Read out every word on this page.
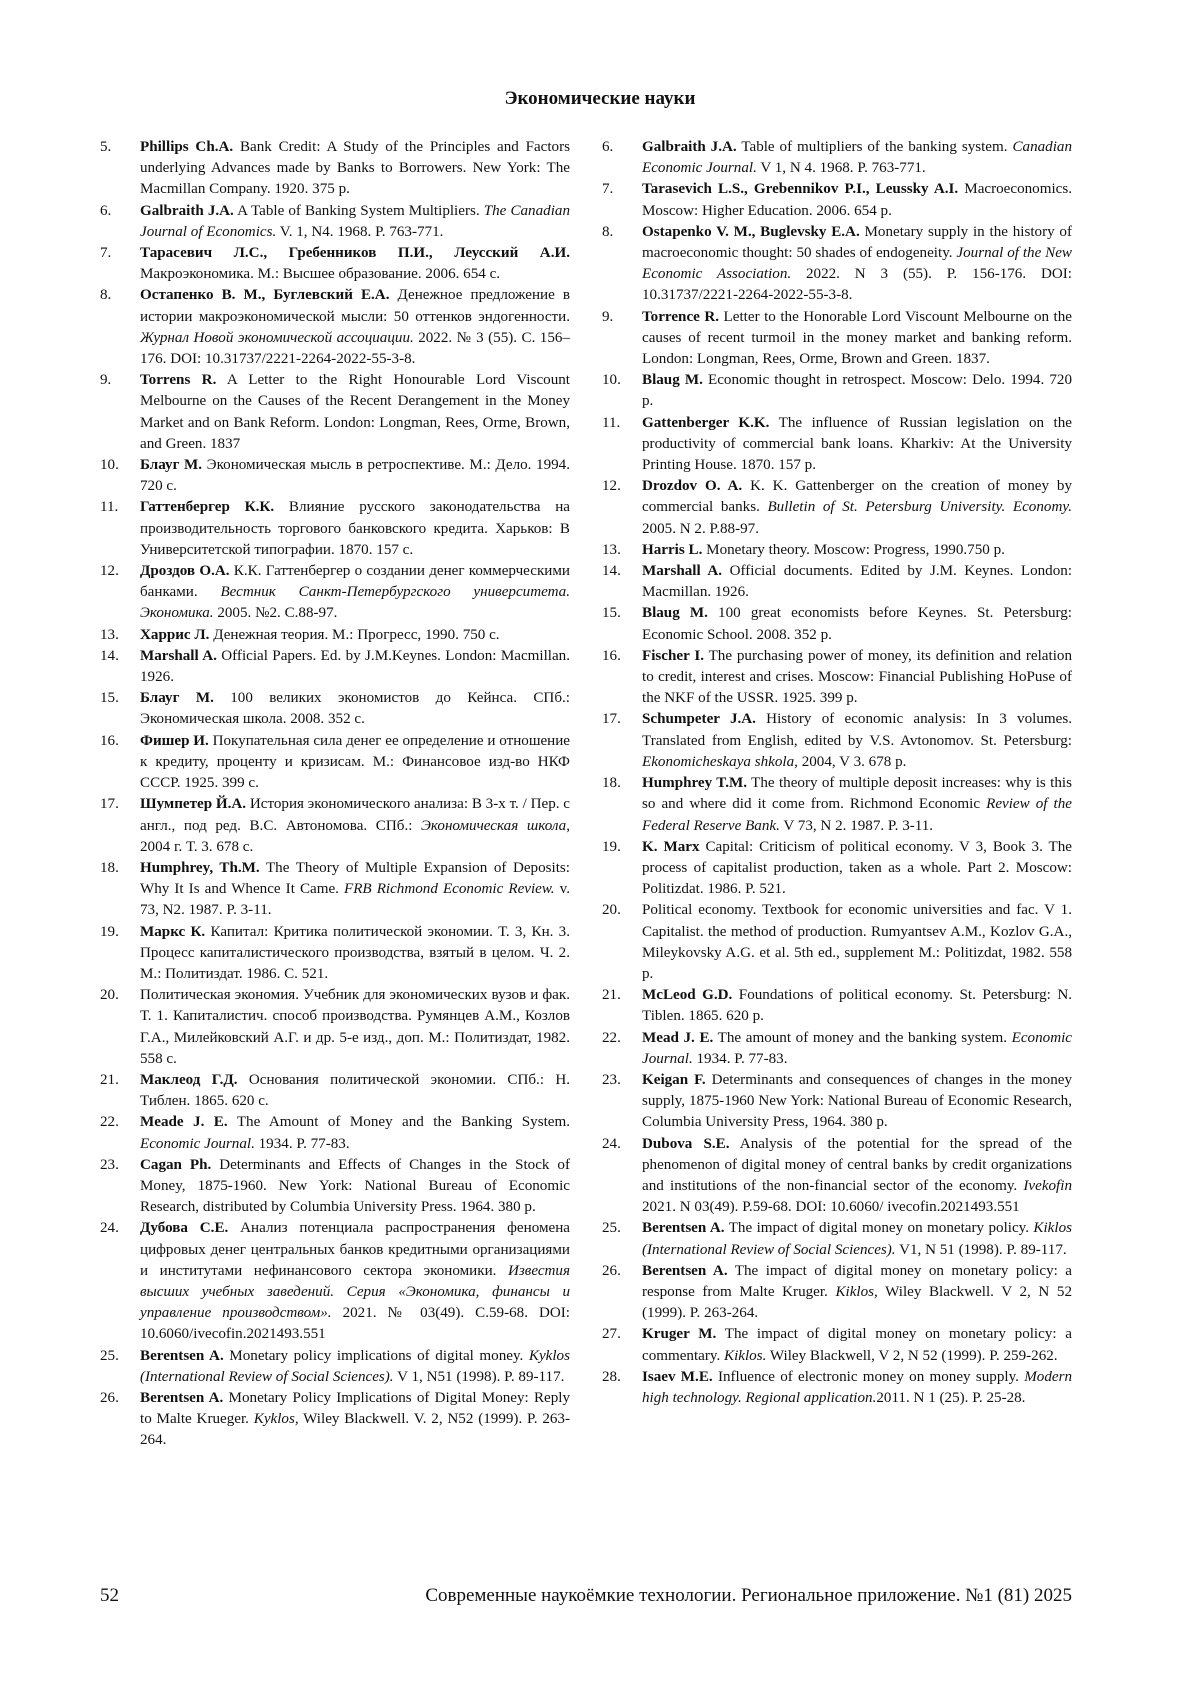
Экономические науки
5. Phillips Ch.A. Bank Credit: A Study of the Principles and Factors underlying Advances made by Banks to Borrowers. New York: The Macmillan Company. 1920. 375 p.
6. Galbraith J.A. A Table of Banking System Multipliers. The Canadian Journal of Economics. V. 1, N4. 1968. P. 763-771.
7. Тарасевич Л.С., Гребенников П.И., Леусский А.И. Макроэкономика. М.: Высшее образование. 2006. 654 с.
8. Остапенко В. М., Буглевский Е.А. Денежное предложение в истории макроэкономической мысли: 50 оттенков эндогенности. Журнал Новой экономической ассоциации. 2022. № 3 (55). С. 156–176. DOI: 10.31737/2221-2264-2022-55-3-8.
9. Torrens R. A Letter to the Right Honourable Lord Viscount Melbourne on the Causes of the Recent Derangement in the Money Market and on Bank Reform. London: Longman, Rees, Orme, Brown, and Green. 1837
10. Блауг М. Экономическая мысль в ретроспективе. М.: Дело. 1994. 720 с.
11. Гаттенбергер К.К. Влияние русского законодательства на производительность торгового банковского кредита. Харьков: В Университетской типографии. 1870. 157 с.
12. Дроздов О.А. К.К. Гаттенбергер о создании денег коммерческими банками. Вестник Санкт-Петербургского университета. Экономика. 2005. №2. С.88-97.
13. Харрис Л. Денежная теория. М.: Прогресс, 1990. 750 с.
14. Marshall A. Official Papers. Ed. by J.M.Keynes. London: Macmillan. 1926.
15. Блауг М. 100 великих экономистов до Кейнса. СПб.: Экономическая школа. 2008. 352 с.
16. Фишер И. Покупательная сила денег ее определение и отношение к кредиту, проценту и кризисам. М.: Финансовое изд-во НКФ СССР. 1925. 399 с.
17. Шумпетер Й.А. История экономического анализа: В 3-х т. / Пер. с англ., под ред. В.С. Автономова. СПб.: Экономическая школа, 2004 г. Т. 3. 678 с.
18. Humphrey, Th.M. The Theory of Multiple Expansion of Deposits: Why It Is and Whence It Came. FRB Richmond Economic Review. v. 73, N2. 1987. P. 3-11.
19. Маркс К. Капитал: Критика политической экономии. Т. 3, Кн. 3. Процесс капиталистического производства, взятый в целом. Ч. 2. М.: Политиздат. 1986. С. 521.
20. Политическая экономия. Учебник для экономических вузов и фак. Т. 1. Капиталистич. способ производства. Румянцев А.М., Козлов Г.А., Милейковский А.Г. и др. 5-е изд., доп. М.: Политиздат, 1982. 558 с.
21. Маклеод Г.Д. Основания политической экономии. СПб.: Н. Тиблен. 1865. 620 с.
22. Meade J. E. The Amount of Money and the Banking System. Economic Journal. 1934. P. 77-83.
23. Cagan Ph. Determinants and Effects of Changes in the Stock of Money, 1875-1960. New York: National Bureau of Economic Research, distributed by Columbia University Press. 1964. 380 p.
24. Дубова С.Е. Анализ потенциала распространения феномена цифровых денег центральных банков кредитными организациями и институтами нефинансового сектора экономики. Известия высших учебных заведений. Серия «Экономика, финансы и управление производством». 2021. № 03(49). С.59-68. DOI: 10.6060/ivecofin.2021493.551
25. Berentsen A. Monetary policy implications of digital money. Kyklos (International Review of Social Sciences). V 1, N51 (1998). P. 89-117.
26. Berentsen A. Monetary Policy Implications of Digital Money: Reply to Malte Krueger. Kyklos, Wiley Blackwell. V. 2, N52 (1999). P. 263-264.
6. Galbraith J.A. Table of multipliers of the banking system. Canadian Economic Journal. V 1, N 4. 1968. P. 763-771.
7. Tarasevich L.S., Grebennikov P.I., Leussky A.I. Macroeconomics. Moscow: Higher Education. 2006. 654 p.
8. Ostapenko V. M., Buglevsky E.A. Monetary supply in the history of macroeconomic thought: 50 shades of endogeneity. Journal of the New Economic Association. 2022. N 3 (55). P. 156-176. DOI: 10.31737/2221-2264-2022-55-3-8.
9. Torrence R. Letter to the Honorable Lord Viscount Melbourne on the causes of recent turmoil in the money market and banking reform. London: Longman, Rees, Orme, Brown and Green. 1837.
10. Blaug M. Economic thought in retrospect. Moscow: Delo. 1994. 720 p.
11. Gattenberger K.K. The influence of Russian legislation on the productivity of commercial bank loans. Kharkiv: At the University Printing House. 1870. 157 p.
12. Drozdov O. A. K. K. Gattenberger on the creation of money by commercial banks. Bulletin of St. Petersburg University. Economy. 2005. N 2. P.88-97.
13. Harris L. Monetary theory. Moscow: Progress, 1990.750 p.
14. Marshall A. Official documents. Edited by J.M. Keynes. London: Macmillan. 1926.
15. Blaug M. 100 great economists before Keynes. St. Petersburg: Economic School. 2008. 352 p.
16. Fischer I. The purchasing power of money, its definition and relation to credit, interest and crises. Moscow: Financial Publishing HoPuse of the NKF of the USSR. 1925. 399 p.
17. Schumpeter J.A. History of economic analysis: In 3 volumes. Translated from English, edited by V.S. Avtonomov. St. Petersburg: Ekonomicheskaya shkola, 2004, V 3. 678 p.
18. Humphrey T.M. The theory of multiple deposit increases: why is this so and where did it come from. Richmond Economic Review of the Federal Reserve Bank. V 73, N 2. 1987. P. 3-11.
19. K. Marx Capital: Criticism of political economy. V 3, Book 3. The process of capitalist production, taken as a whole. Part 2. Moscow: Politizdat. 1986. P. 521.
20. Political economy. Textbook for economic universities and fac. V 1. Capitalist. the method of production. Rumyantsev A.M., Kozlov G.A., Mileykovsky A.G. et al. 5th ed., supplement M.: Politizdat, 1982. 558 p.
21. McLeod G.D. Foundations of political economy. St. Petersburg: N. Tiblen. 1865. 620 p.
22. Mead J. E. The amount of money and the banking system. Economic Journal. 1934. P. 77-83.
23. Keigan F. Determinants and consequences of changes in the money supply, 1875-1960 New York: National Bureau of Economic Research, Columbia University Press, 1964. 380 p.
24. Dubova S.E. Analysis of the potential for the spread of the phenomenon of digital money of central banks by credit organizations and institutions of the non-financial sector of the economy. Ivekofin 2021. N 03(49). P.59-68. DOI: 10.6060/ ivecofin.2021493.551
25. Berentsen A. The impact of digital money on monetary policy. Kiklos (International Review of Social Sciences). V1, N 51 (1998). P. 89-117.
26. Berentsen A. The impact of digital money on monetary policy: a response from Malte Kruger. Kiklos, Wiley Blackwell. V 2, N 52 (1999). P. 263-264.
27. Kruger M. The impact of digital money on monetary policy: a commentary. Kiklos. Wiley Blackwell, V 2, N 52 (1999). P. 259-262.
28. Isaev M.E. Influence of electronic money on money supply. Modern high technology. Regional application.2011. N 1 (25). P. 25-28.
52	Современные наукоёмкие технологии. Региональное приложение. №1 (81) 2025
